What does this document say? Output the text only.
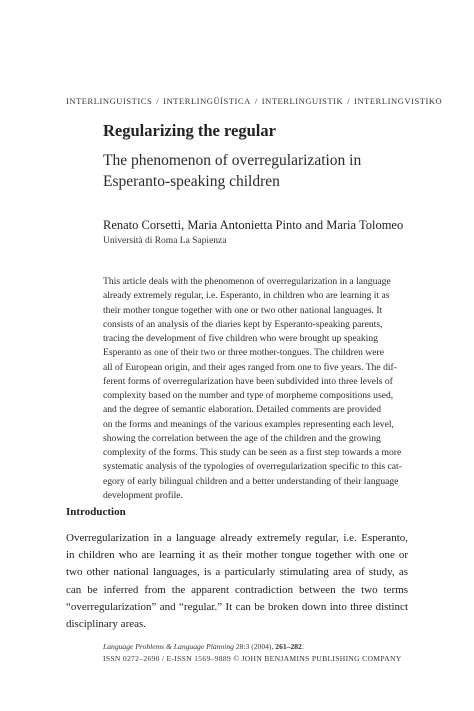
INTERLINGUISTICS / INTERLINGÜÍSTICA / INTERLINGUISTIK / INTERLINGVISTIKO
Regularizing the regular
The phenomenon of overregularization in
Esperanto-speaking children
Renato Corsetti, Maria Antonietta Pinto and Maria Tolomeo
Università di Roma La Sapienza
This article deals with the phenomenon of overregularization in a language
already extremely regular, i.e. Esperanto, in children who are learning it as
their mother tongue together with one or two other national languages. It
consists of an analysis of the diaries kept by Esperanto-speaking parents,
tracing the development of five children who were brought up speaking
Esperanto as one of their two or three mother-tongues. The children were
all of European origin, and their ages ranged from one to five years. The dif-
ferent forms of overregularization have been subdivided into three levels of
complexity based on the number and type of morpheme compositions used,
and the degree of semantic elaboration. Detailed comments are provided
on the forms and meanings of the various examples representing each level,
showing the correlation between the age of the children and the growing
complexity of the forms. This study can be seen as a first step towards a more
systematic analysis of the typologies of overregularization specific to this cat-
egory of early bilingual children and a better understanding of their language
development profile.
Introduction
Overregularization in a language already extremely regular, i.e. Esperanto,
in children who are learning it as their mother tongue together with one or
two other national languages, is a particularly stimulating area of study, as
can be inferred from the apparent contradiction between the two terms
“overregularization” and “regular.” It can be broken down into three distinct
disciplinary areas.
Language Problems & Language Planning 28:3 (2004), 261–282.
ISSN 0272–2690 / E-ISSN 1569–9889 © JOHN BENJAMINS PUBLISHING COMPANY
